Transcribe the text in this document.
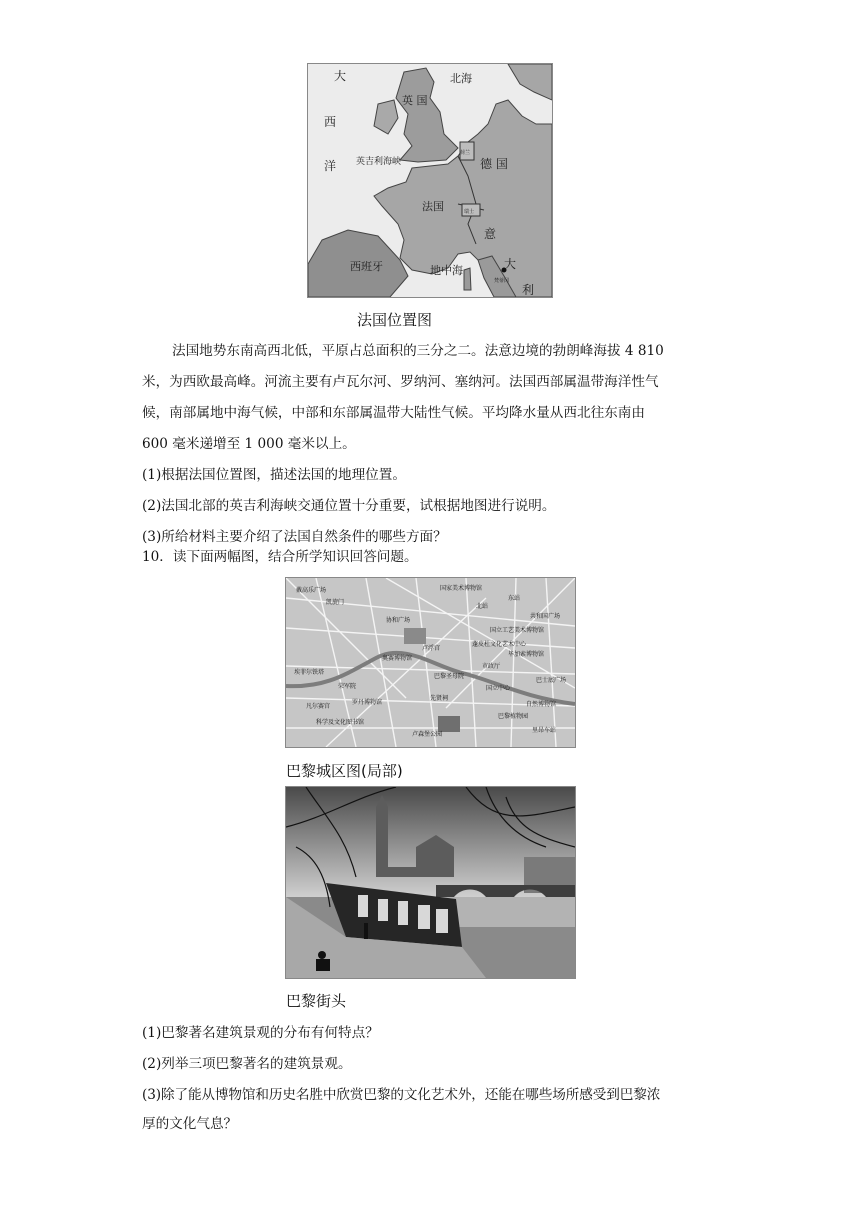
大
西
洋
英 国
北海
英吉利海峡
荷兰
德 国
法国	瑞士
意
大
利
西班牙	地中海
梵蒂冈
法国位置图
法国地势东南高西北低，平原占总面积的三分之二。法意边境的勃朗峰海拔 4 810
米，为西欧最高峰。河流主要有卢瓦尔河、罗纳河、塞纳河。法国西部属温带海洋性气
候，南部属地中海气候，中部和东部属温带大陆性气候。平均降水量从西北往东南由
600 毫米递增至 1 000 毫米以上。
(1)根据法国位置图，描述法国的地理位置。
(2)法国北部的英吉利海峡交通位置十分重要，试根据地图进行说明。
(3)所给材料主要介绍了法国自然条件的哪些方面？
10．读下面两幅图，结合所学知识回答问题。
戴高乐广场
凯旋门
国家美术博物馆
协和广场
卢浮宫
巴黎圣母院
埃菲尔铁塔
蓬皮杜文化艺术中心
巴士底广场
先贤祠
荣军院
共和国广场
市政厅
卢森堡公园
毕加索博物馆
奥赛博物馆
国立工艺美术博物馆
国立中心
巴黎植物园
自然博物馆
凡尔赛宫
科学及文化图书馆
罗丹博物馆
东站
北站
里昂车站
巴黎城区图(局部)
巴黎街头
(1)巴黎著名建筑景观的分布有何特点？
(2)列举三项巴黎著名的建筑景观。
(3)除了能从博物馆和历史名胜中欣赏巴黎的文化艺术外，还能在哪些场所感受到巴黎浓
厚的文化气息？
